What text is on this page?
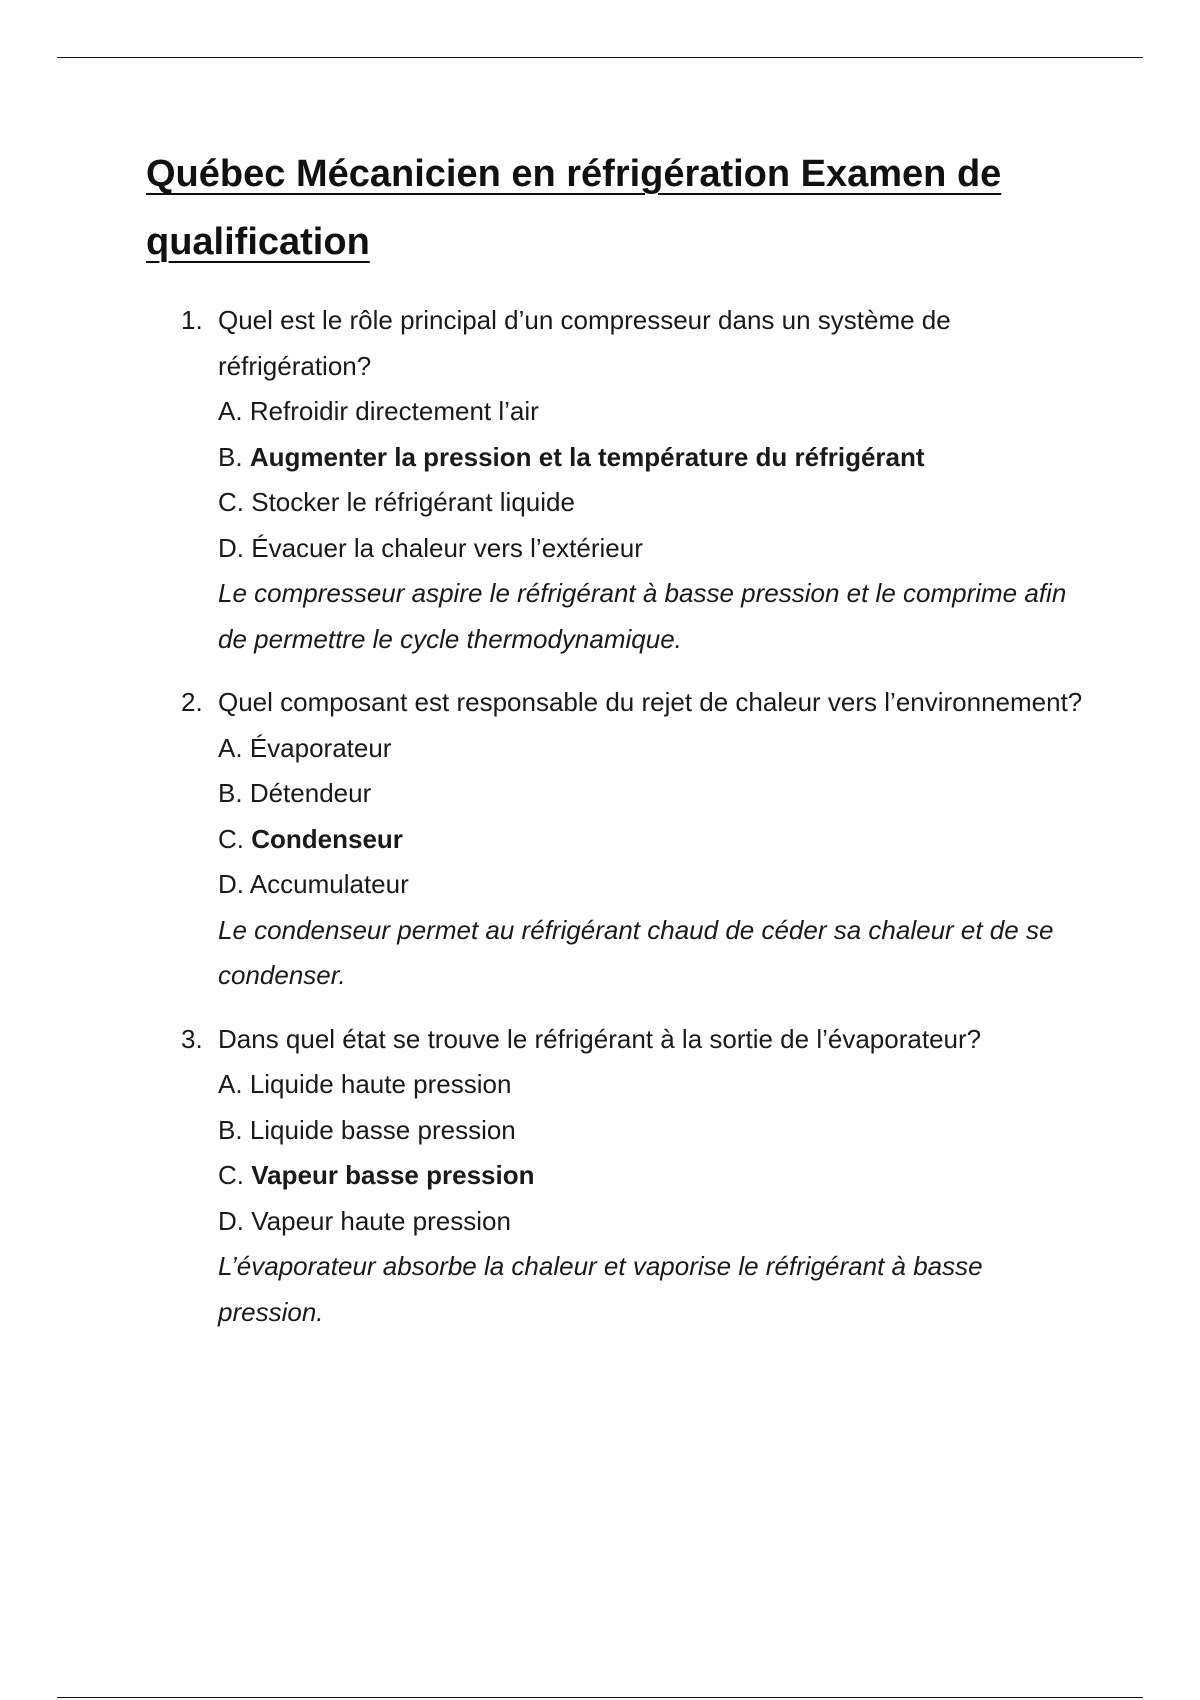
Québec Mécanicien en réfrigération Examen de qualification
1. Quel est le rôle principal d’un compresseur dans un système de réfrigération?
A. Refroidir directement l’air
B. Augmenter la pression et la température du réfrigérant
C. Stocker le réfrigérant liquide
D. Évacuer la chaleur vers l’extérieur
Le compresseur aspire le réfrigérant à basse pression et le comprime afin de permettre le cycle thermodynamique.
2. Quel composant est responsable du rejet de chaleur vers l’environnement?
A. Évaporateur
B. Détendeur
C. Condenseur
D. Accumulateur
Le condenseur permet au réfrigérant chaud de céder sa chaleur et de se condenser.
3. Dans quel état se trouve le réfrigérant à la sortie de l’évaporateur?
A. Liquide haute pression
B. Liquide basse pression
C. Vapeur basse pression
D. Vapeur haute pression
L’évaporateur absorbe la chaleur et vaporise le réfrigérant à basse pression.
